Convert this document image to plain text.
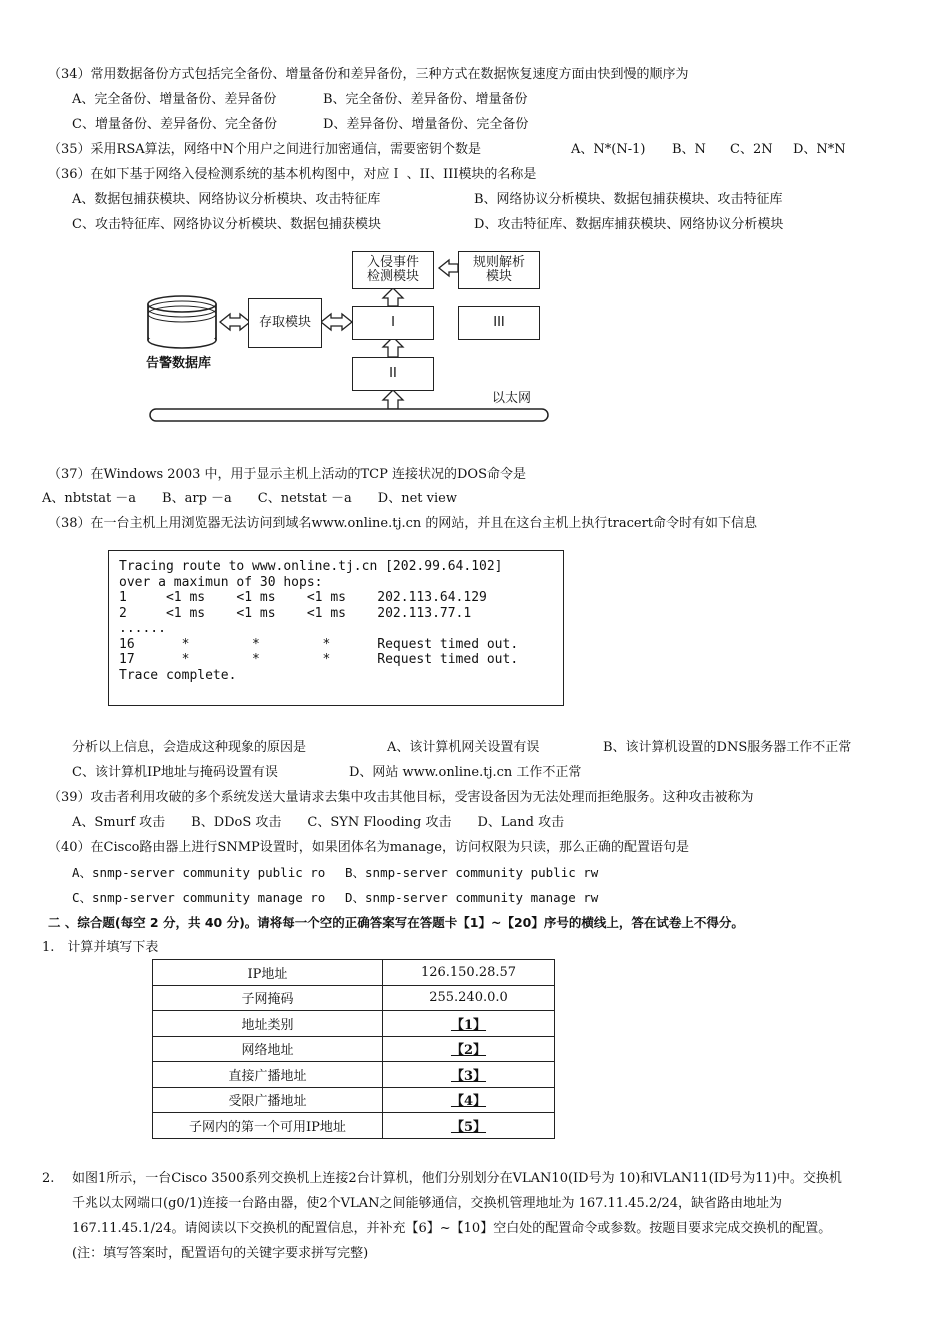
（34）常用数据备份方式包括完全备份、增量备份和差异备份，三种方式在数据恢复速度方面由快到慢的顺序为
A、完全备份、增量备份、差异备份	B、完全备份、差异备份、增量备份
C、增量备份、差异备份、完全备份	D、差异备份、增量备份、完全备份
（35）采用RSA算法，网络中N个用户之间进行加密通信，需要密钥个数是	A、N*(N-1) B、N C、2N D、N*N
（36）在如下基于网络入侵检测系统的基本机构图中，对应Ｉ 、II、III模块的名称是
A、数据包捕获模块、网络协议分析模块、攻击特征库	B、网络协议分析模块、数据包捕获模块、攻击特征库
C、攻击特征库、网络协议分析模块、数据包捕获模块	D、攻击特征库、数据库捕获模块、网络协议分析模块
入侵事件
检测模块
规则解析
模块
存取模块	I	III
II
告警数据库
以太网
（37）在Windows 2003 中，用于显示主机上活动的TCP 连接状况的DOS命令是
A、nbtstat －a　　B、arp －a　　C、netstat －a　　D、net view
（38）在一台主机上用浏览器无法访问到域名www.online.tj.cn 的网站，并且在这台主机上执行tracert命令时有如下信息
Tracing route to www.online.tj.cn [202.99.64.102]
over a maximun of 30 hops:
1     <1 ms    <1 ms    <1 ms    202.113.64.129
2     <1 ms    <1 ms    <1 ms    202.113.77.1
......
16      *        *        *      Request timed out.
17      *        *        *      Request timed out.
Trace complete.
分析以上信息，会造成这种现象的原因是	A、该计算机网关设置有误	B、该计算机设置的DNS服务器工作不正常
C、该计算机IP地址与掩码设置有误	D、网站 www.online.tj.cn 工作不正常
（39）攻击者利用攻破的多个系统发送大量请求去集中攻击其他目标，受害设备因为无法处理而拒绝服务。这种攻击被称为
A、Smurf 攻击　　B、DDoS 攻击　　C、SYN Flooding 攻击　　D、Land 攻击
（40）在Cisco路由器上进行SNMP设置时，如果团体名为manage，访问权限为只读，那么正确的配置语句是
A、snmp-server community public ro B、snmp-server community public rw
C、snmp-server community manage ro D、snmp-server community manage rw
二 、综合题(每空 2 分，共 40 分)。请将每一个空的正确答案写在答题卡【1】~【20】序号的横线上，答在试卷上不得分。
1.　计算并填写下表
IP地址	126.150.28.57
子网掩码	255.240.0.0
地址类别	【1】
网络地址	【2】
直接广播地址	【3】
受限广播地址	【4】
子网内的第一个可用IP地址	【5】
2. 如图1所示，一台Cisco 3500系列交换机上连接2台计算机，他们分别划分在VLAN10(ID号为 10)和VLAN11(ID号为11)中。交换机
千兆以太网端口(g0/1)连接一台路由器，使2个VLAN之间能够通信，交换机管理地址为 167.11.45.2/24，缺省路由地址为
167.11.45.1/24。请阅读以下交换机的配置信息，并补充【6】~【10】空白处的配置命令或参数。按题目要求完成交换机的配置。
(注：填写答案时，配置语句的关键字要求拼写完整)
